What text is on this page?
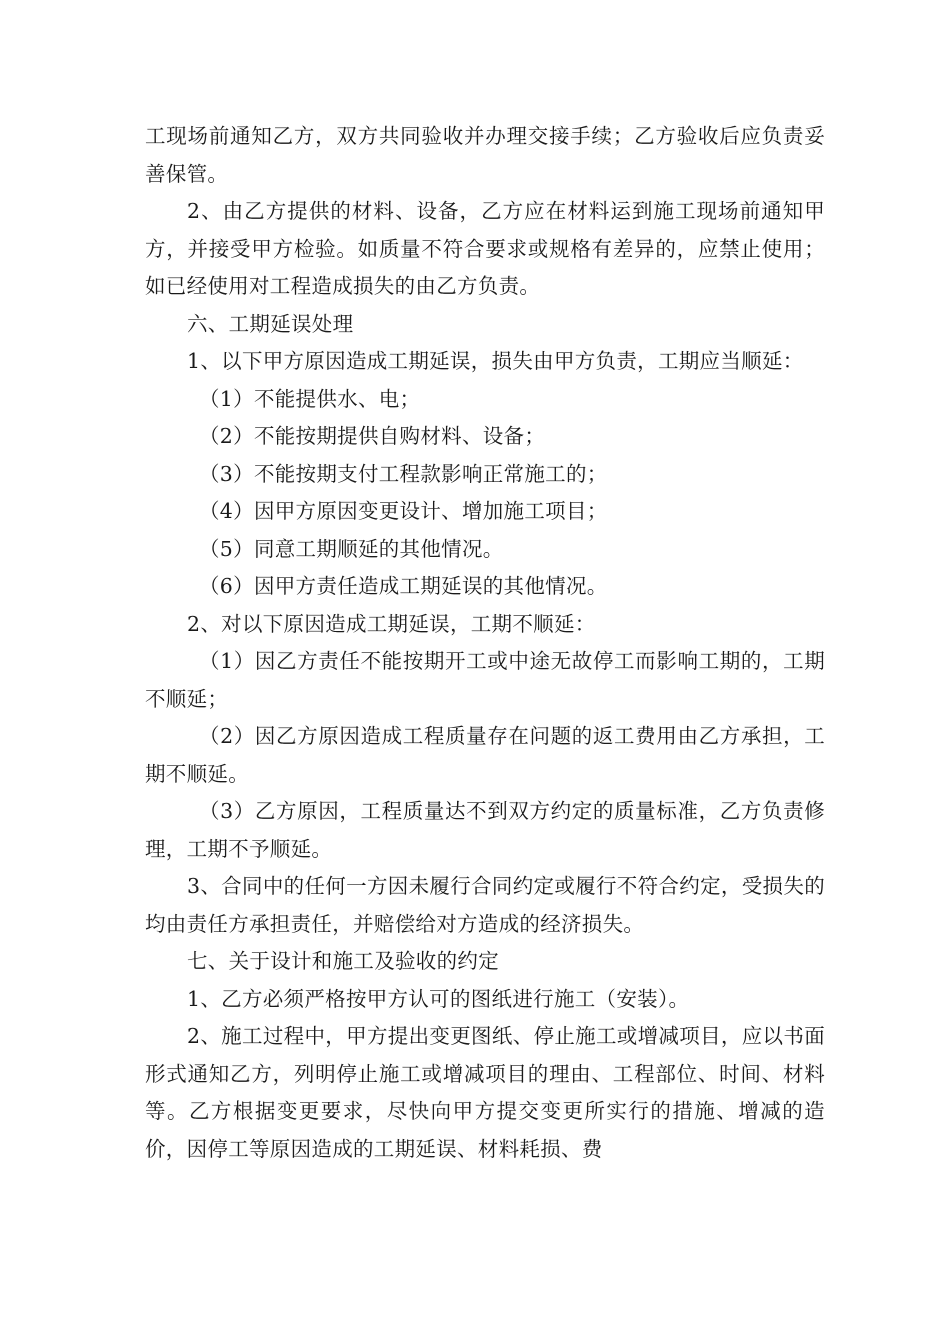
工现场前通知乙方，双方共同验收并办理交接手续；乙方验收后应负责妥善保管。

2、由乙方提供的材料、设备，乙方应在材料运到施工现场前通知甲方，并接受甲方检验。如质量不符合要求或规格有差异的，应禁止使用；如已经使用对工程造成损失的由乙方负责。

六、工期延误处理

1、以下甲方原因造成工期延误，损失由甲方负责，工期应当顺延：

（1）不能提供水、电；

（2）不能按期提供自购材料、设备；

（3）不能按期支付工程款影响正常施工的；

（4）因甲方原因变更设计、增加施工项目；

（5）同意工期顺延的其他情况。

（6）因甲方责任造成工期延误的其他情况。

2、对以下原因造成工期延误，工期不顺延：

（1）因乙方责任不能按期开工或中途无故停工而影响工期的，工期不顺延；

（2）因乙方原因造成工程质量存在问题的返工费用由乙方承担，工期不顺延。

（3）乙方原因，工程质量达不到双方约定的质量标准，乙方负责修理，工期不予顺延。

3、合同中的任何一方因未履行合同约定或履行不符合约定，受损失的均由责任方承担责任，并赔偿给对方造成的经济损失。

七、关于设计和施工及验收的约定

1、乙方必须严格按甲方认可的图纸进行施工（安装）。

2、施工过程中，甲方提出变更图纸、停止施工或增减项目，应以书面形式通知乙方，列明停止施工或增减项目的理由、工程部位、时间、材料等。乙方根据变更要求，尽快向甲方提交变更所实行的措施、增减的造价，因停工等原因造成的工期延误、材料耗损、费
